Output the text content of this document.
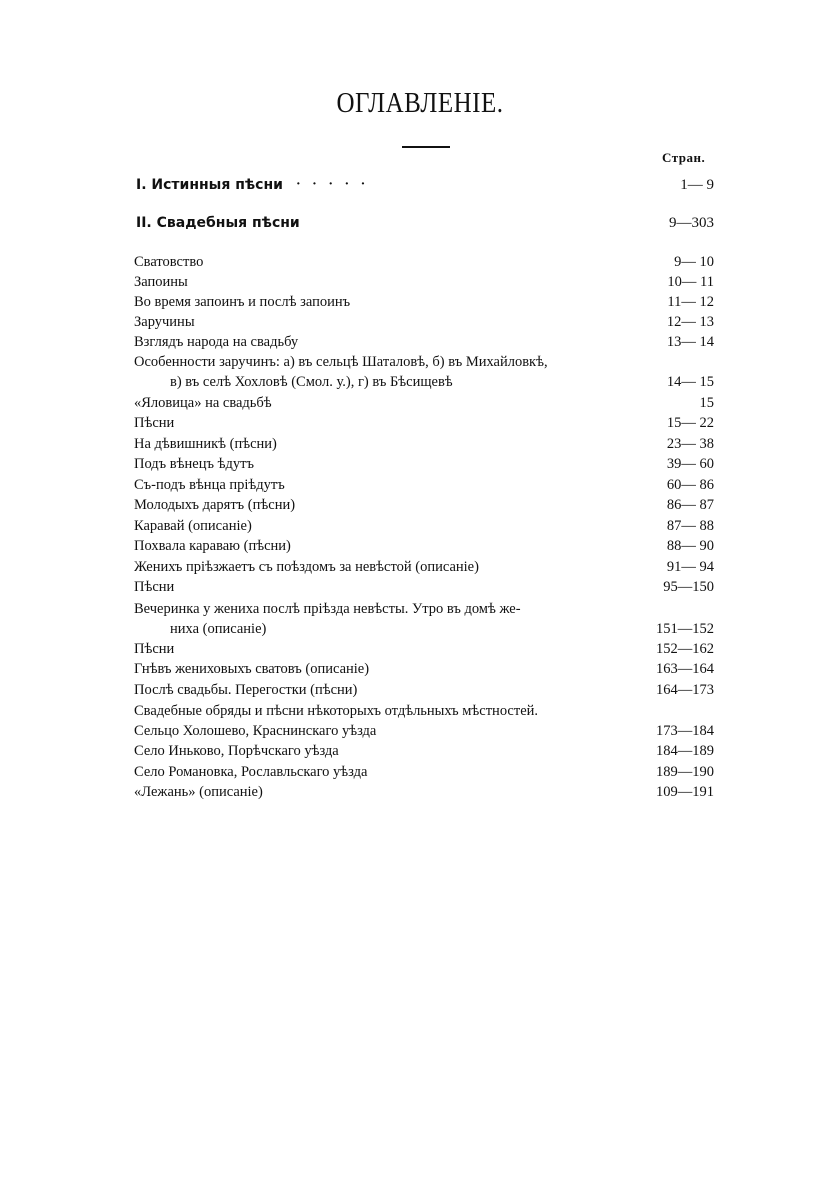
ОГЛАВЛЕНІЕ.
Стран.
I. Истинныя пѣсни · · · · ·	1— 9
II. Свадебныя пѣсни	9—303
Сватовство	9— 10
Запоины	10— 11
Во время запоинъ и послѣ запоинъ	11— 12
Заручины	12— 13
Взглядъ народа на свадьбу	13— 14
Особенности заручинъ: а) въ сельцѣ Шаталовѣ, б) въ Михайловкѣ,
в) въ селѣ Хохловѣ (Смол. у.), г) въ Бѣсищевѣ	14— 15
«Яловица» на свадьбѣ	15
Пѣсни	15— 22
На дѣвишникѣ (пѣсни)	23— 38
Подъ вѣнецъ ѣдутъ	39— 60
Съ-подъ вѣнца пріѣдутъ	60— 86
Молодыхъ дарятъ (пѣсни)	86— 87
Каравай (описаніе)	87— 88
Похвала караваю (пѣсни)	88— 90
Женихъ пріѣзжаетъ съ поѣздомъ за невѣстой (описаніе)	91— 94
Пѣсни	95—150
Вечеринка у жениха послѣ пріѣзда невѣсты. Утро въ домѣ же-
ниха (описаніе)	151—152
Пѣсни	152—162
Гнѣвъ жениховыхъ сватовъ (описаніе)	163—164
Послѣ свадьбы. Перегостки (пѣсни)	164—173
Свадебные обряды и пѣсни нѣкоторыхъ отдѣльныхъ мѣстностей.
Сельцо Холошево, Краснинскаго уѣзда	173—184
Село Иньково, Порѣчскаго уѣзда	184—189
Село Романовка, Рославльскаго уѣзда	189—190
«Лежань» (описаніе)	109—191
